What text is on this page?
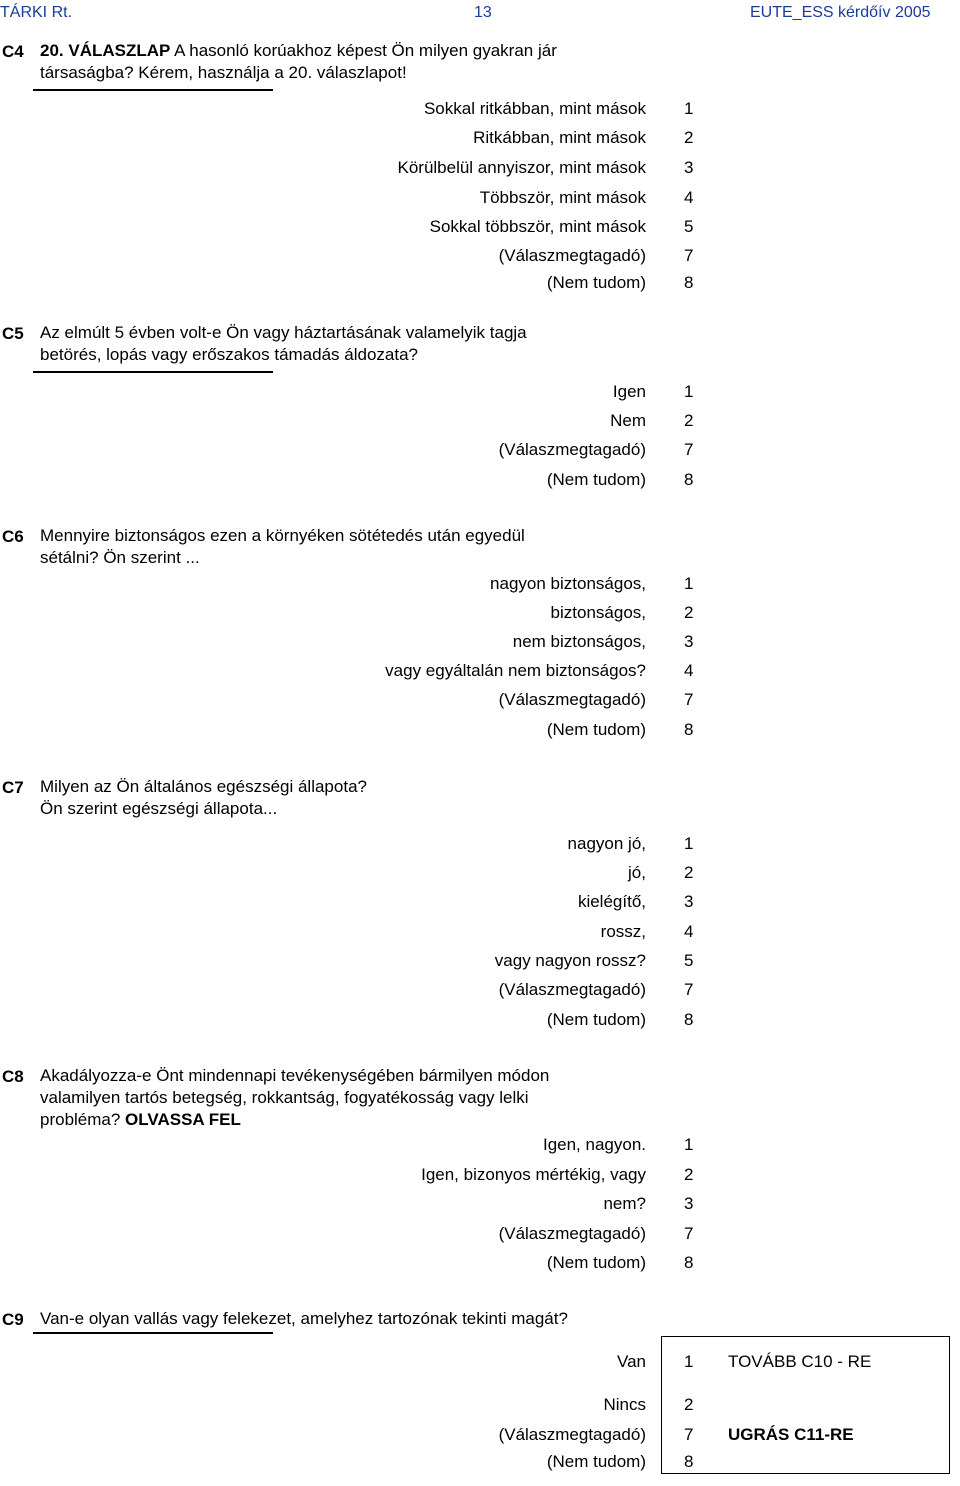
TÁRKI Rt.	13	EUTE_ESS kérdőív 2005
C4 20. VÁLASZLAP A hasonló korúakhoz képest Ön milyen gyakran jár
társaságba? Kérem, használja a 20. válaszlapot!
Sokkal ritkábban, mint mások 1
Ritkábban, mint mások 2
Körülbelül annyiszor, mint mások 3
Többször, mint mások 4
Sokkal többször, mint mások 5
(Válaszmegtagadó) 7
(Nem tudom) 8
C5 Az elmúlt 5 évben volt-e Ön vagy háztartásának valamelyik tagja
betörés, lopás vagy erőszakos támadás áldozata?
Igen 1
Nem 2
(Válaszmegtagadó) 7
(Nem tudom) 8
C6 Mennyire biztonságos ezen a környéken sötétedés után egyedül
sétálni? Ön szerint ...
nagyon biztonságos, 1
biztonságos, 2
nem biztonságos, 3
vagy egyáltalán nem biztonságos? 4
(Válaszmegtagadó) 7
(Nem tudom) 8
C7 Milyen az Ön általános egészségi állapota?
Ön szerint egészségi állapota...
nagyon jó, 1
jó, 2
kielégítő, 3
rossz, 4
vagy nagyon rossz? 5
(Válaszmegtagadó) 7
(Nem tudom) 8
C8 Akadályozza-e Önt mindennapi tevékenységében bármilyen módon
valamilyen tartós betegség, rokkantság, fogyatékosság vagy lelki
probléma? OLVASSA FEL
Igen, nagyon. 1
Igen, bizonyos mértékig, vagy 2
nem? 3
(Válaszmegtagadó) 7
(Nem tudom) 8
C9 Van-e olyan vallás vagy felekezet, amelyhez tartozónak tekinti magát?
Van 1 TOVÁBB C10 - RE
Nincs 2
(Válaszmegtagadó) 7 UGRÁS C11-RE
(Nem tudom) 8
